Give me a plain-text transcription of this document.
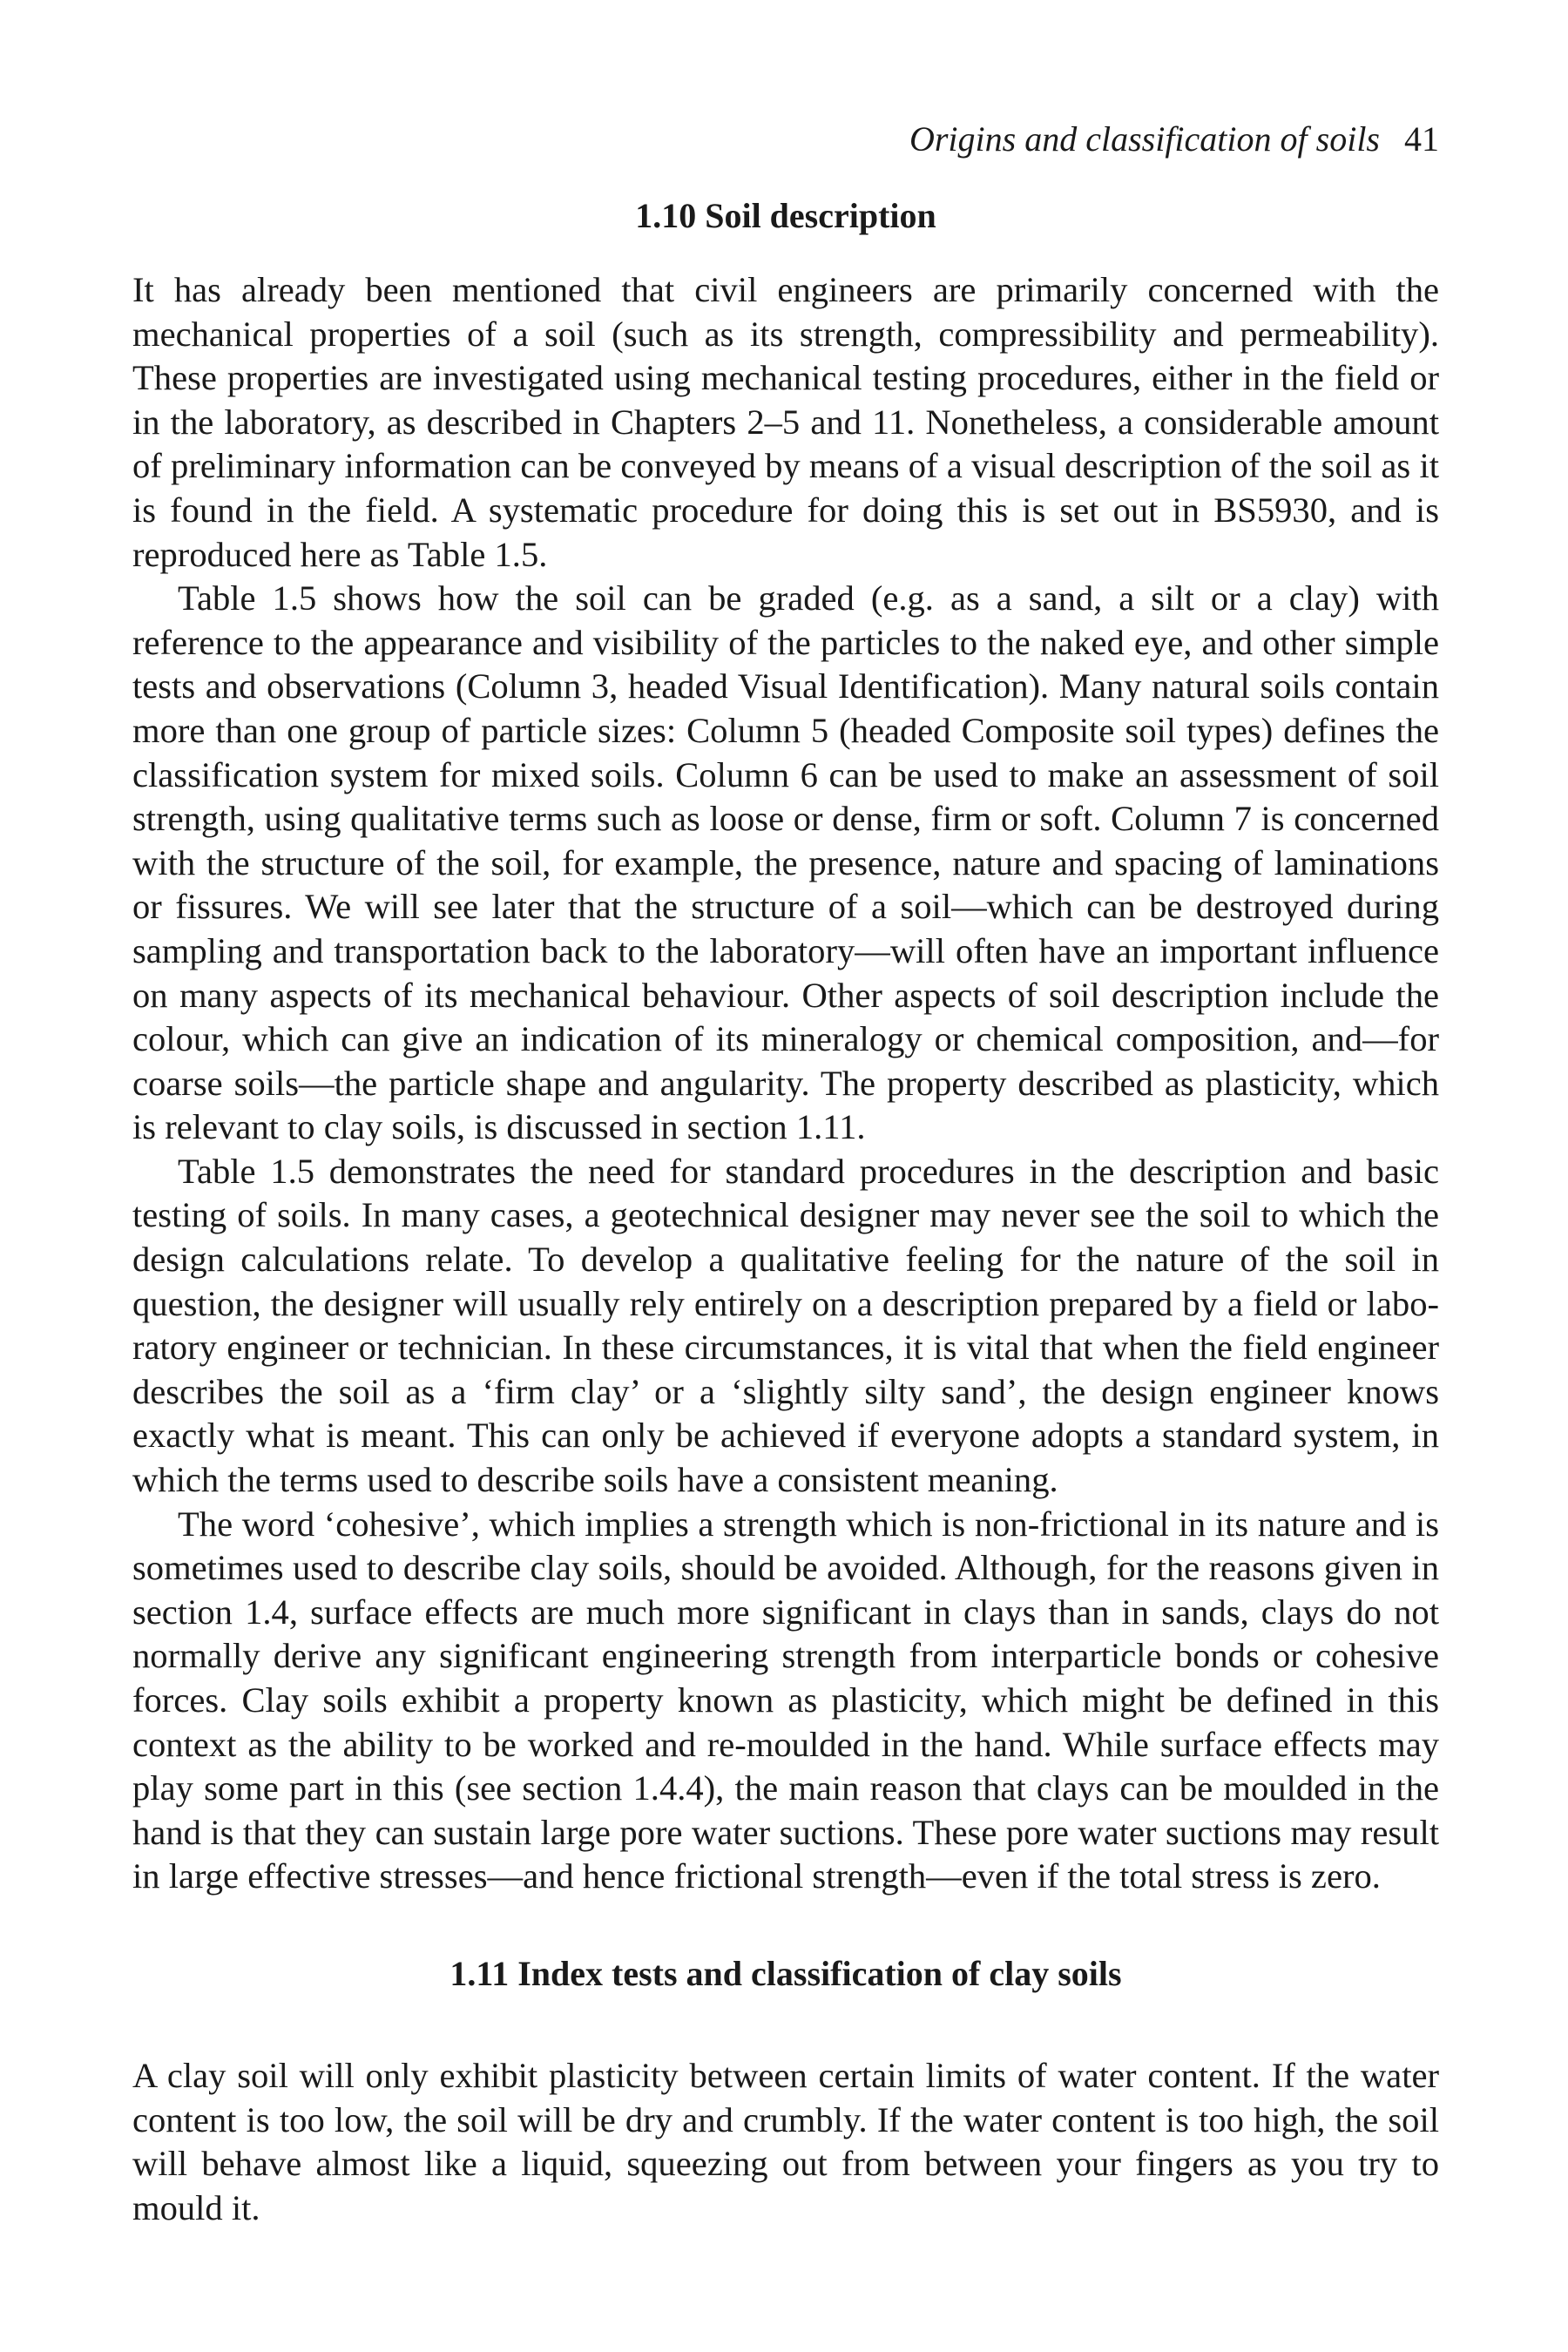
Origins and classification of soils 41
1.10 Soil description

It has already been mentioned that civil engineers are primarily concerned with the mechanical properties of a soil (such as its strength, compressibility and permeability). These properties are investigated using mechanical testing procedures, either in the field or in the laboratory, as described in Chapters 2–5 and 11. Nonetheless, a considerable amount of preliminary information can be conveyed by means of a visual description of the soil as it is found in the field. A systematic procedure for doing this is set out in BS5930, and is reproduced here as Table 1.5.

Table 1.5 shows how the soil can be graded (e.g. as a sand, a silt or a clay) with reference to the appearance and visibility of the particles to the naked eye, and other simple tests and observations (Column 3, headed Visual Identification). Many natural soils contain more than one group of particle sizes: Column 5 (headed Composite soil types) defines the classification system for mixed soils. Column 6 can be used to make an assessment of soil strength, using qualitative terms such as loose or dense, firm or soft. Column 7 is concerned with the structure of the soil, for example, the presence, nature and spacing of laminations or fissures. We will see later that the structure of a soil—which can be destroyed during sampling and transportation back to the laboratory—will often have an important influence on many aspects of its mechanical behaviour. Other aspects of soil description include the colour, which can give an indication of its mineralogy or chemical composition, and—for coarse soils—the particle shape and angularity. The property described as plasticity, which is relevant to clay soils, is discussed in section 1.11.

Table 1.5 demonstrates the need for standard procedures in the description and basic testing of soils. In many cases, a geotechnical designer may never see the soil to which the design calculations relate. To develop a qualitative feeling for the nature of the soil in question, the designer will usually rely entirely on a description prepared by a field or laboratory engineer or technician. In these circumstances, it is vital that when the field engineer describes the soil as a ‘firm clay’ or a ‘slightly silty sand’, the design engineer knows exactly what is meant. This can only be achieved if everyone adopts a standard system, in which the terms used to describe soils have a consistent meaning.

The word ‘cohesive’, which implies a strength which is non-frictional in its nature and is sometimes used to describe clay soils, should be avoided. Although, for the reasons given in section 1.4, surface effects are much more significant in clays than in sands, clays do not normally derive any significant engineering strength from interparticle bonds or cohesive forces. Clay soils exhibit a property known as plasticity, which might be defined in this context as the ability to be worked and re-moulded in the hand. While surface effects may play some part in this (see section 1.4.4), the main reason that clays can be moulded in the hand is that they can sustain large pore water suctions. These pore water suctions may result in large effective stresses—and hence frictional strength—even if the total stress is zero.

1.11 Index tests and classification of clay soils

A clay soil will only exhibit plasticity between certain limits of water content. If the water content is too low, the soil will be dry and crumbly. If the water content is too high, the soil will behave almost like a liquid, squeezing out from between your fingers as you try to mould it.
